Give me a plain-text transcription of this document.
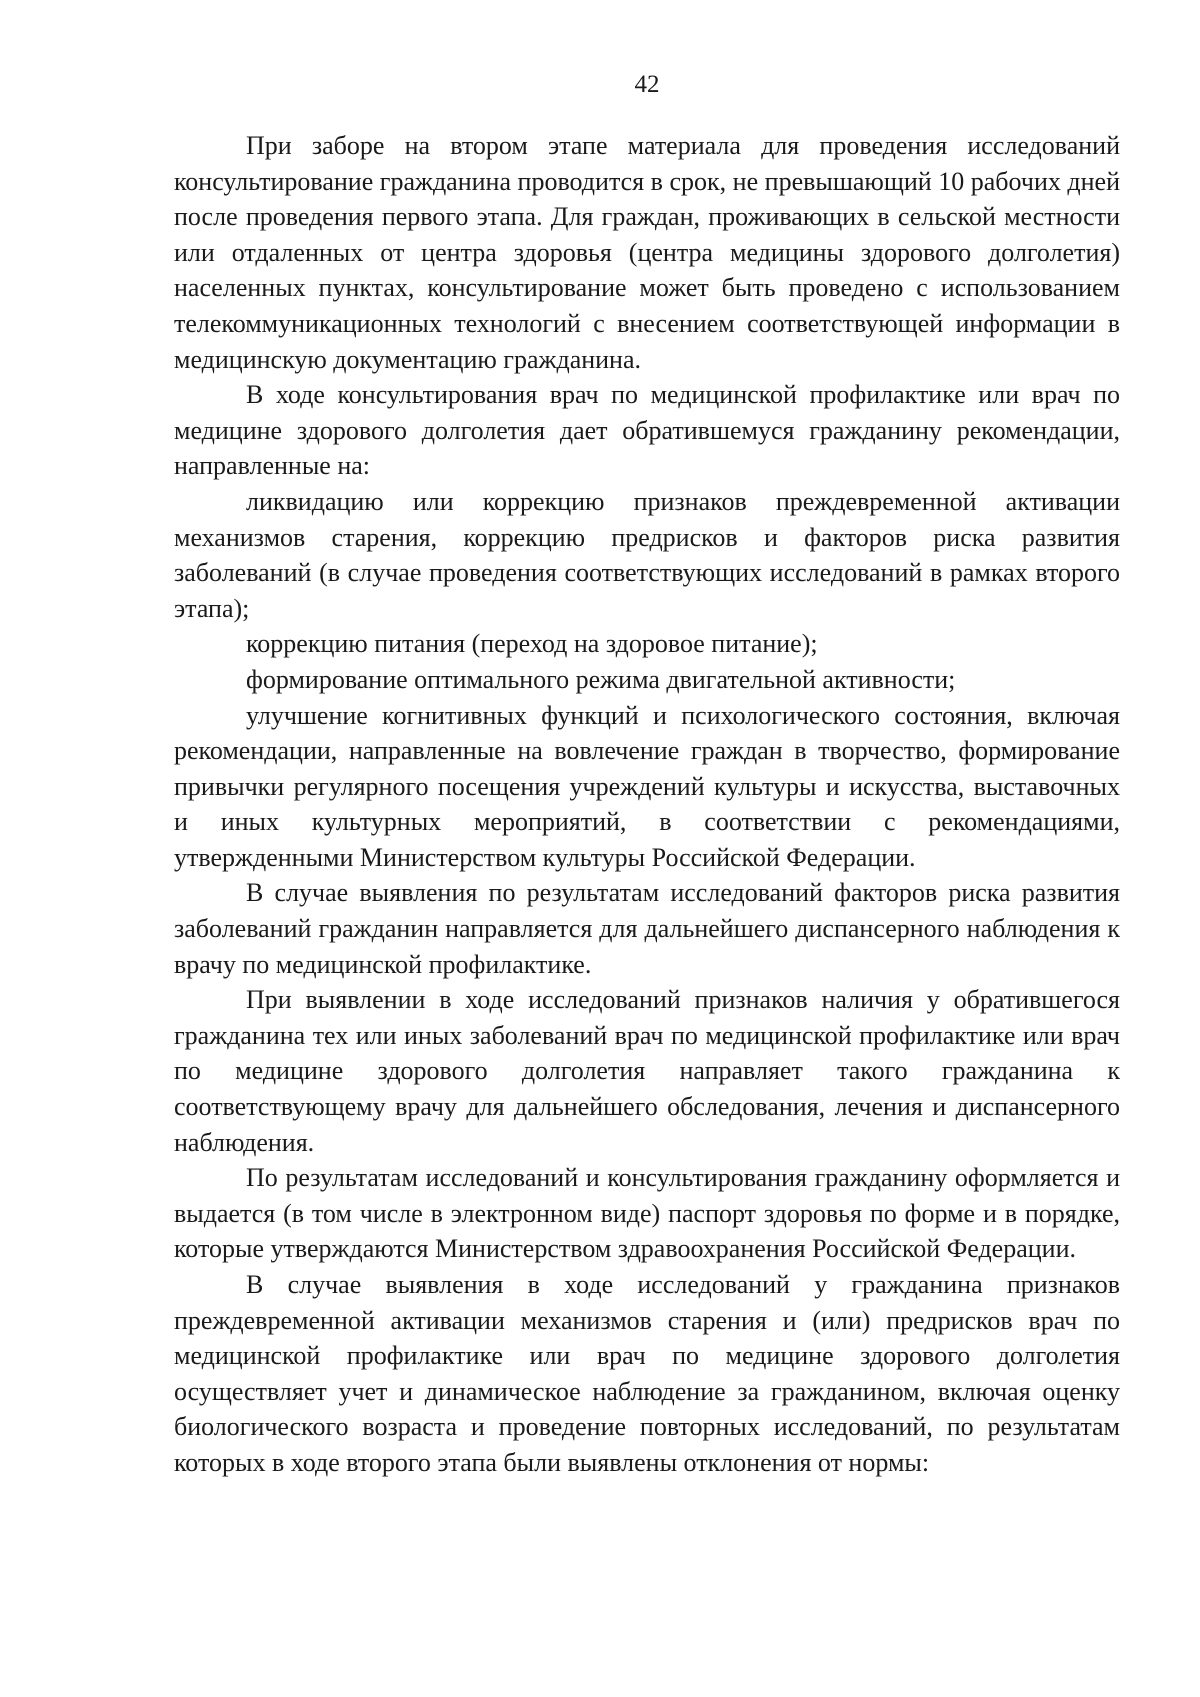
42

При заборе на втором этапе материала для проведения исследований консультирование гражданина проводится в срок, не превышающий 10 рабочих дней после проведения первого этапа. Для граждан, проживающих в сельской местности или отдаленных от центра здоровья (центра медицины здорового долголетия) населенных пунктах, консультирование может быть проведено с использованием телекоммуникационных технологий с внесением соответствующей информации в медицинскую документацию гражданина.

В ходе консультирования врач по медицинской профилактике или врач по медицине здорового долголетия дает обратившемуся гражданину рекомендации, направленные на:

ликвидацию или коррекцию признаков преждевременной активации механизмов старения, коррекцию предрисков и факторов риска развития заболеваний (в случае проведения соответствующих исследований в рамках второго этапа);

коррекцию питания (переход на здоровое питание);

формирование оптимального режима двигательной активности;

улучшение когнитивных функций и психологического состояния, включая рекомендации, направленные на вовлечение граждан в творчество, формирование привычки регулярного посещения учреждений культуры и искусства, выставочных и иных культурных мероприятий, в соответствии с рекомендациями, утвержденными Министерством культуры Российской Федерации.

В случае выявления по результатам исследований факторов риска развития заболеваний гражданин направляется для дальнейшего диспансерного наблюдения к врачу по медицинской профилактике.

При выявлении в ходе исследований признаков наличия у обратившегося гражданина тех или иных заболеваний врач по медицинской профилактике или врач по медицине здорового долголетия направляет такого гражданина к соответствующему врачу для дальнейшего обследования, лечения и диспансерного наблюдения.

По результатам исследований и консультирования гражданину оформляется и выдается (в том числе в электронном виде) паспорт здоровья по форме и в порядке, которые утверждаются Министерством здравоохранения Российской Федерации.

В случае выявления в ходе исследований у гражданина признаков преждевременной активации механизмов старения и (или) предрисков врач по медицинской профилактике или врач по медицине здорового долголетия осуществляет учет и динамическое наблюдение за гражданином, включая оценку биологического возраста и проведение повторных исследований, по результатам которых в ходе второго этапа были выявлены отклонения от нормы:
